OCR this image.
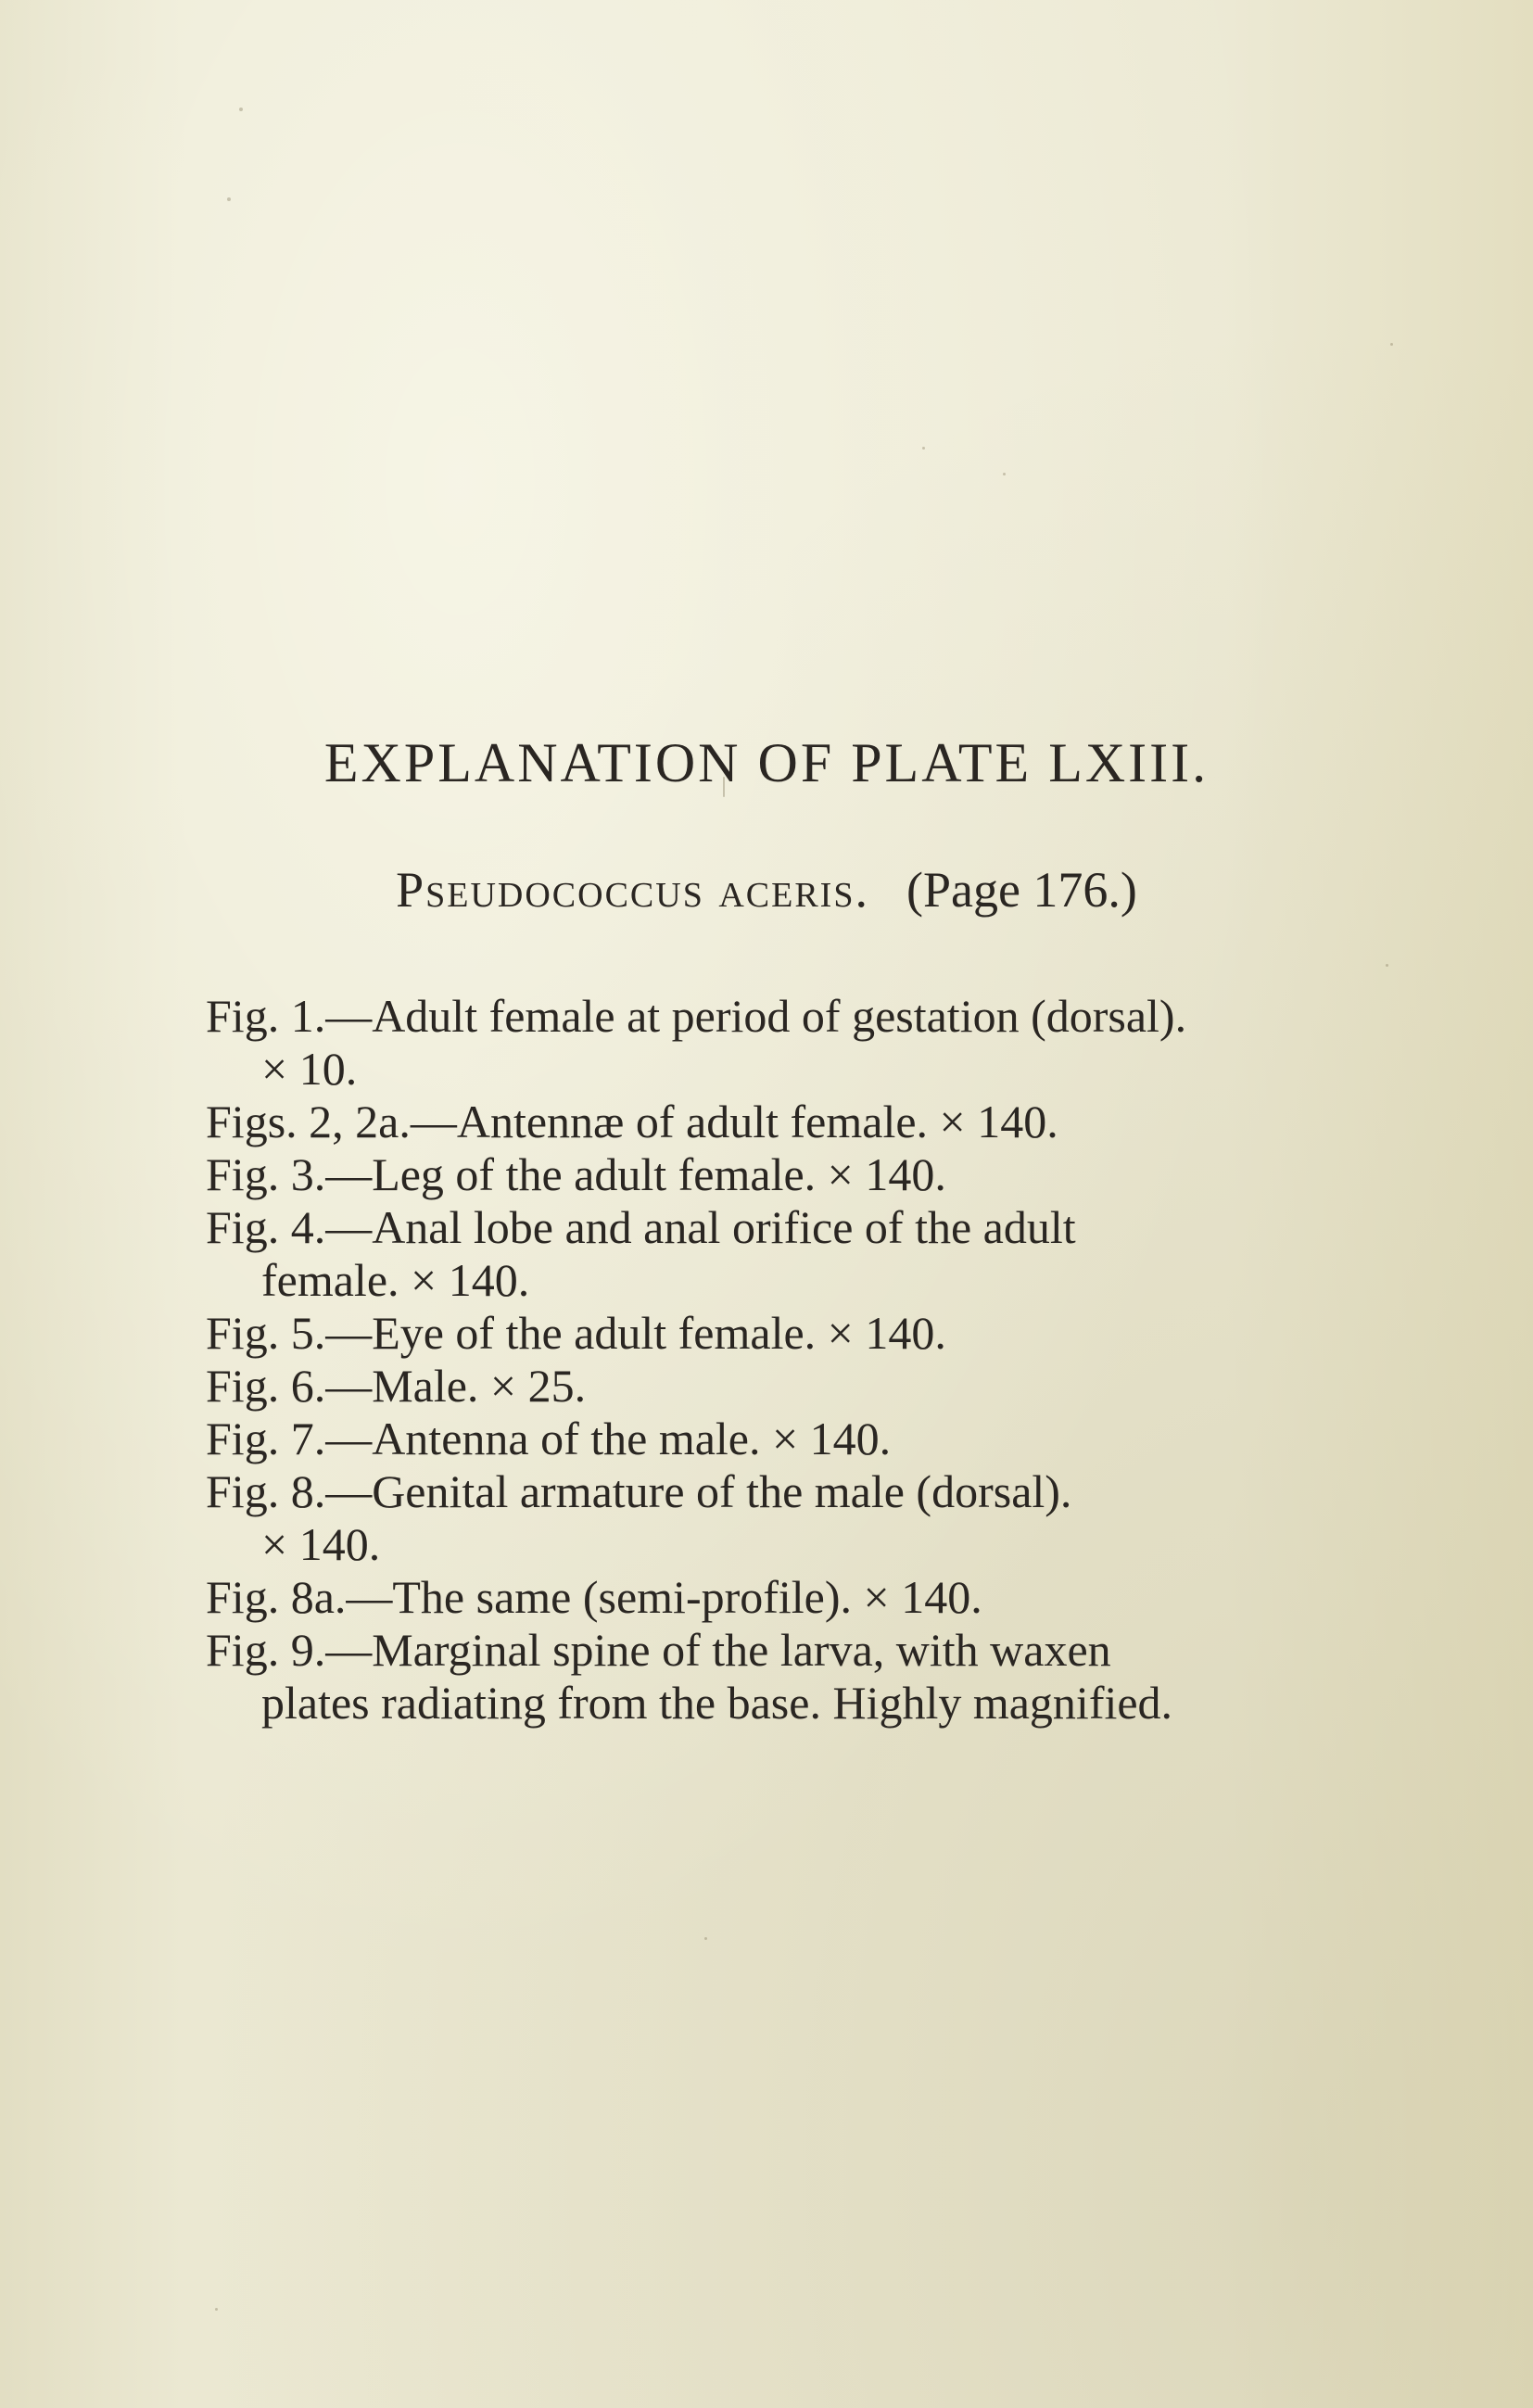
EXPLANATION OF PLATE LXIII.
Pseudococcus aceris. (Page 176.)

Fig. 1.—Adult female at period of gestation (dorsal).
× 10.

Figs. 2, 2a.—Antennæ of adult female. × 140.

Fig. 3.—Leg of the adult female. × 140.

Fig. 4.—Anal lobe and anal orifice of the adult
female. × 140.

Fig. 5.—Eye of the adult female. × 140.

Fig. 6.—Male. × 25.

Fig. 7.—Antenna of the male. × 140.

Fig. 8.—Genital armature of the male (dorsal).
× 140.

Fig. 8a.—The same (semi-profile). × 140.

Fig. 9.—Marginal spine of the larva, with waxen
plates radiating from the base. Highly magnified.
